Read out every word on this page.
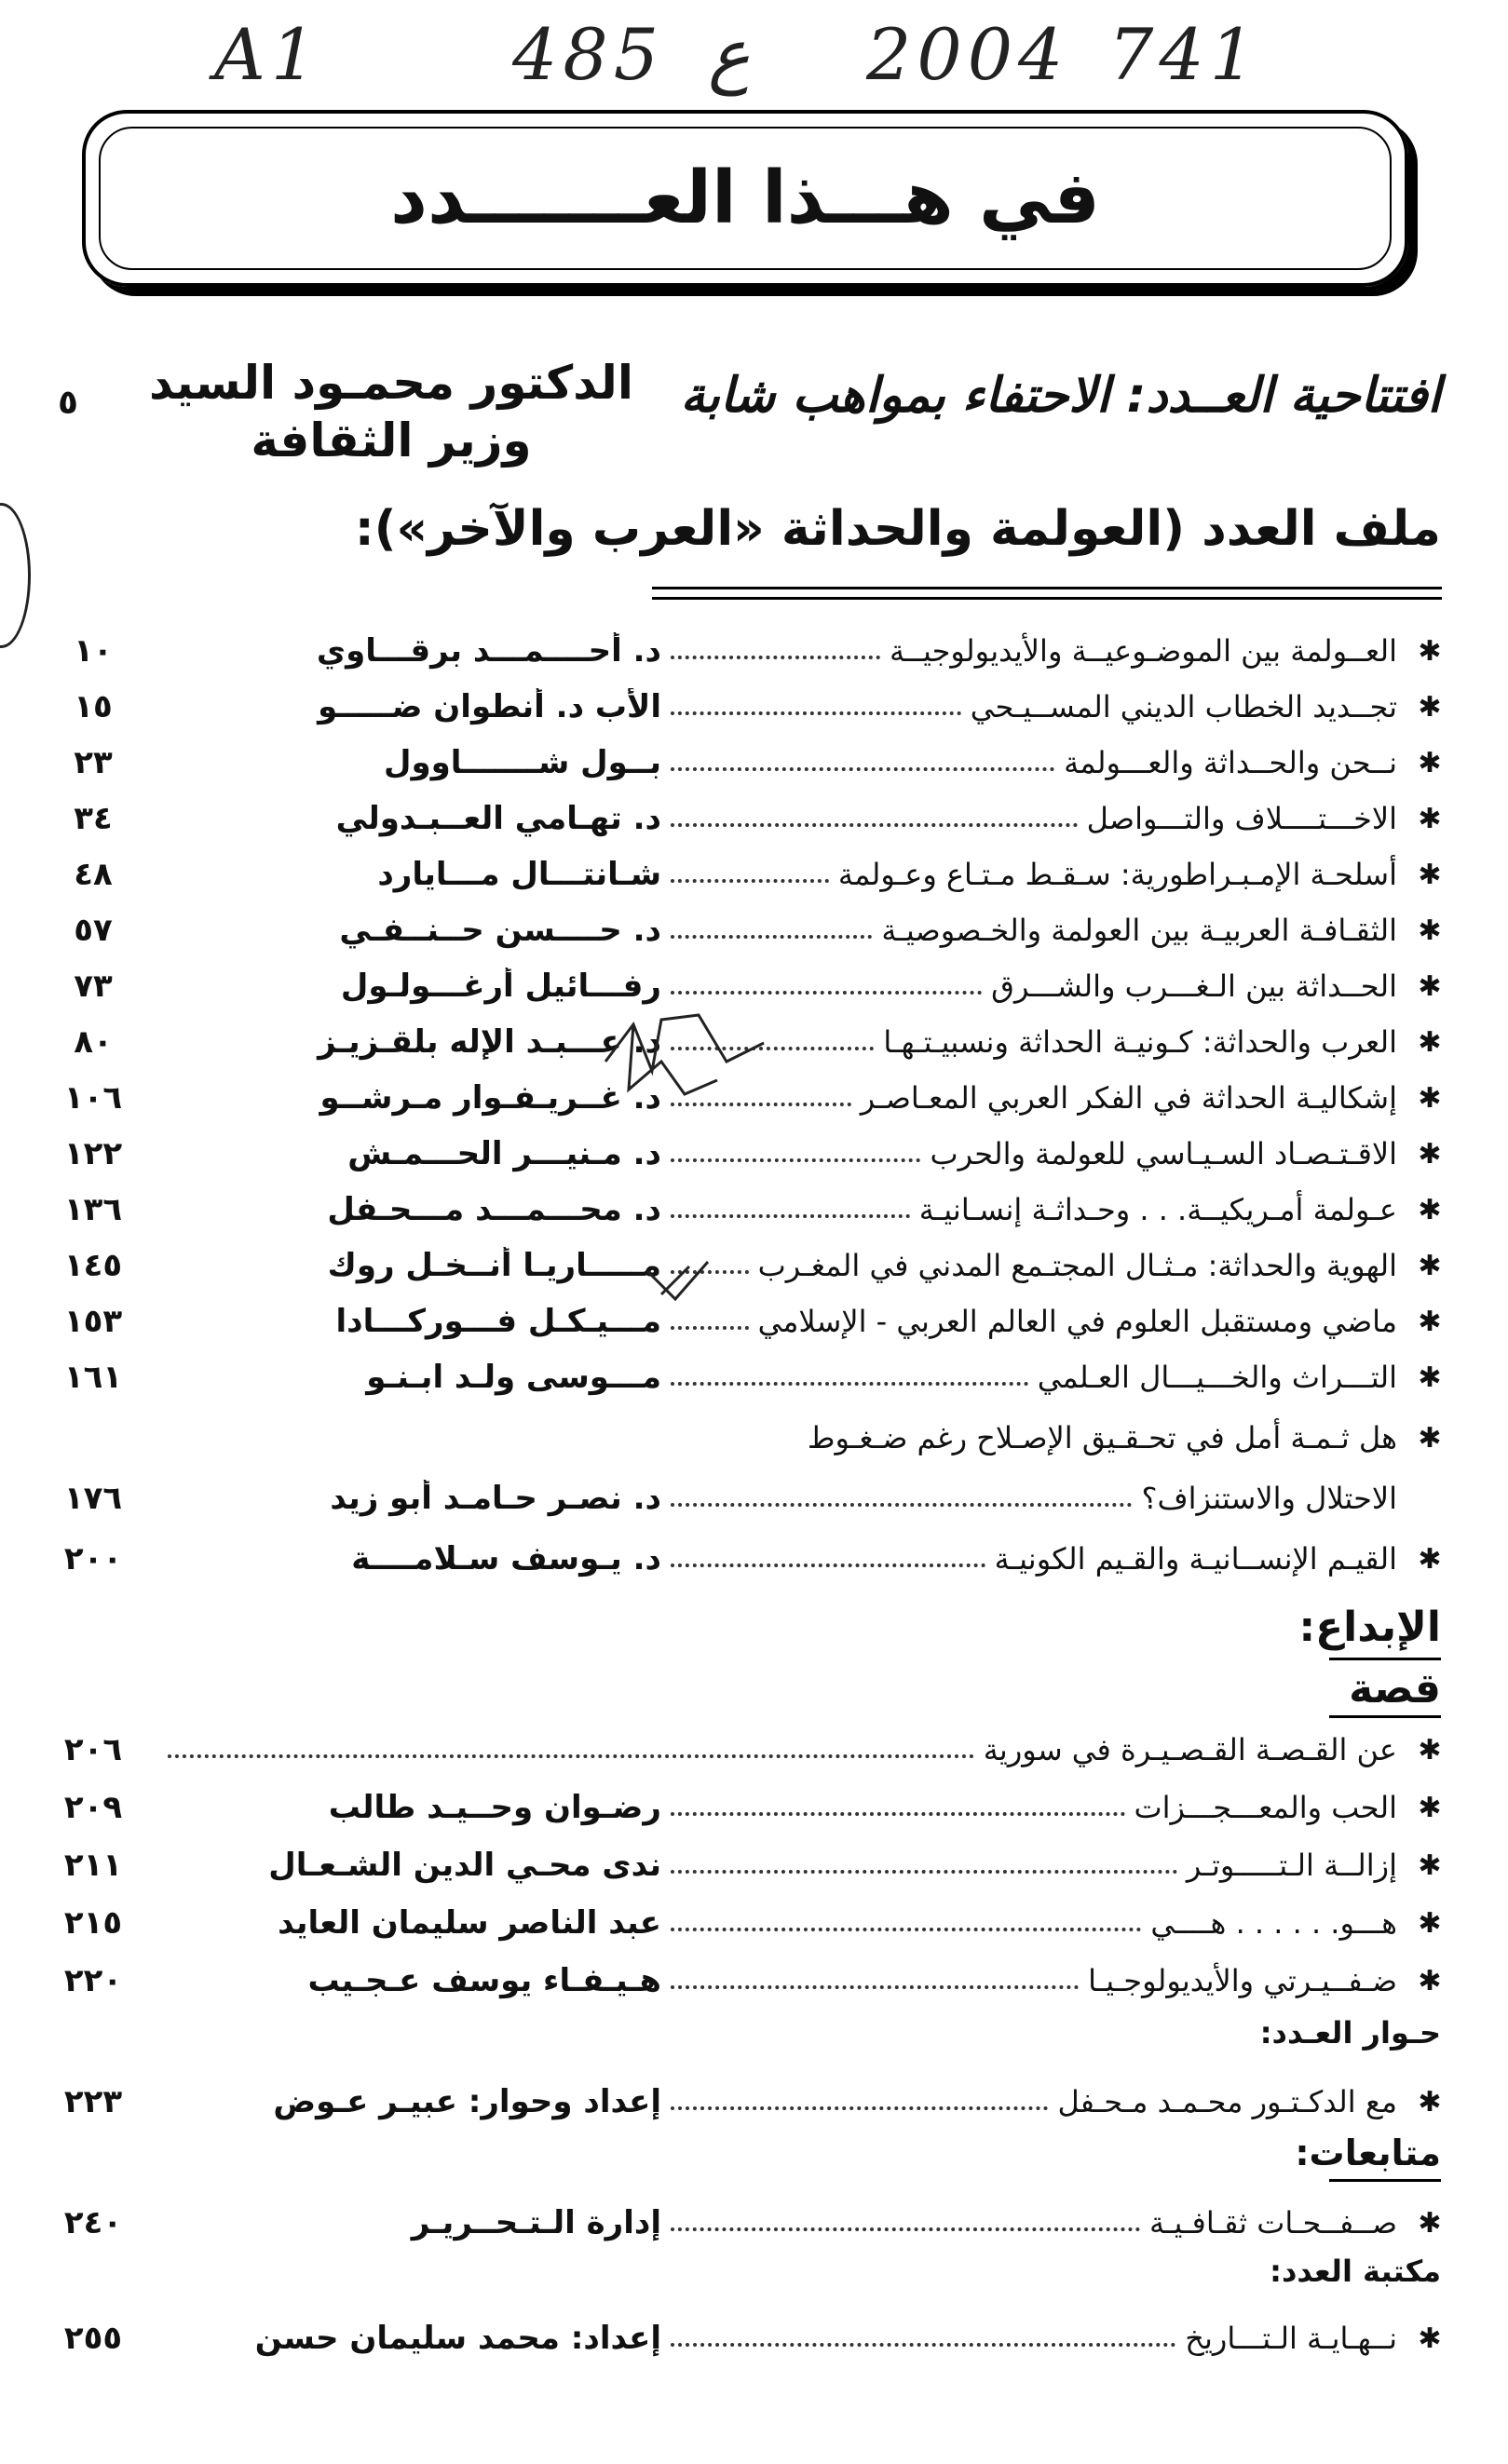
A1	485 ع 2004 741
في هـــذا العـــــــدد
افتتاحية العــدد: الاحتفاء بمواهب شابة
الدكتور محمـود السيد
وزير الثقافة
٥
ملف العدد (العولمة والحداثة «العرب والآخر»):
١٠	د. أحــــمـــد برقـــاوي	العــولمة بين الموضـوعيــة والأيديولوجيــة ✱
١٥	الأب د. أنطوان ضـــــو	تجــديد الخطاب الديني المســيـحي ✱
٢٣	بــول شـــــــاوول	نــحن والحــداثة والعـــولمة ✱
٣٤	د. تهـامي العــبـدولي	الاخـــتــــلاف والتـــواصل ✱
٤٨	شـانتـــال مـــايارد	أسلحـة الإمـبـراطورية: سـقـط مـتـاع وعـولمة ✱
٥٧	د. حــــسن حــنــفـي	الثقـافـة العربيـة بين العولمة والخـصوصيـة ✱
٧٣	رفـــائيل أرغـــولـول	الحــداثة بين الـغـــرب والشـــرق ✱
٨٠	د. عـــبـد الإله بلقـزيـز	العرب والحداثة: كـونيـة الحداثة ونسبيـتـهـا ✱
١٠٦	د. غــريـفـوار مـرشــو	إشكاليـة الحداثة في الفكر العربي المعـاصـر ✱
١٢٢	د. مـنيـــر الحـــمـش	الاقـتـصـاد السـيـاسي للعولمة والحرب ✱
١٣٦	د. محـــمـــد مـــحـفل	عـولمة أمـريكيــة. . . وحـداثـة إنسـانيـة ✱
١٤٥	مـــــاريـا أنــخـل روك	الهوية والحداثة: مـثـال المجتـمع المدني في المغـرب ✱
١٥٣	مـــيـكـل فـــوركـــادا	ماضي ومستقبل العلوم في العالم العربي - الإسلامي ✱
١٦١	مـــوسى ولـد ابـنـو	التـــراث والخـــيـــال العـلمي ✱
هل ثـمـة أمل في تحـقـيق الإصـلاح رغم ضـغـوط ✱
١٧٦	د. نصـر حـامـد أبو زيد	الاحتلال والاستنزاف؟
٢٠٠	د. يـوسف سـلامــــة	القيـم الإنســانيـة والقـيم الكونيـة ✱
٢٠٦	عن القـصـة القـصـيـرة في سورية ✱
٢٠٩	رضـوان وحــيـد طالب	الحب والمعـــجـــزات ✱
٢١١	ندى محـي الدين الشـعـال	إزالــة الـتـــــوتـر ✱
٢١٥	عبد الناصر سليمان العايد	هـــو. . . . . . هــــي ✱
٢٢٠	هـيـفـاء يوسف عـجـيب	ضـفــيـرتي والأيديولوجـيـا ✱
٢٢٣	إعداد وحوار: عبيـر عـوض	مع الدكـتـور محـمـد مـحـفل ✱
٢٤٠	إدارة الـتـحــريـر	صــفــحـات ثقـافـيـة ✱
٢٥٥	إعداد: محمد سليمان حسن	نــهـايـة الـتـــاريخ ✱
الإبداع:
قصة
حـوار العـدد:
متابعات:
مكتبة العدد:
